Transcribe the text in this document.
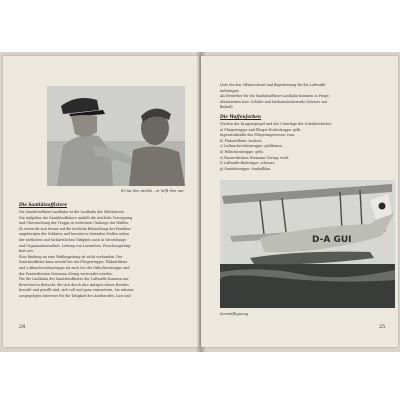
Er tut ihm nichts – er hilft ihm nur
Die Sanitätsoffiziere
Die Sanitätsoffizier-Laufbahn ist die Laufbahn der Militärärzte.
Die Aufgaben der Sanitätsoffiziere umfaßt die ärztliche Versorgung
und Überwachung der Truppe in weitestem Umfange der Waffen.
Es erstreckt sich ferner auf die ärztliche Behandlung des Familien-
angehörigen der Soldaten und bereitet in leitenden Stellen neben
der ärztlichen und fachärztlichen Tätigkeit auch in Verwaltungs-
und Organisationsarbeit, Leitung von Lazaretten, Forschungstätig-
keit usw.
Eine Bindung an eine Waffengattung ist nicht vorhanden. Der
Sanitätsoffizier kann sowohl bei der Fliegertruppe, Flakartillerie
und Luftnachrichtentruppe als auch bei der Fallschirmtruppe und
der Panzerdivision Hermann Göring verwendet werden.
Für die Laufbahn des Sanitätsoffiziers der Luftwaffe kommen nur
Bewerber in Betracht, die sich durch ihre Anlagen dieses Berufes
bewußt und gewillt sind, sich voll und ganz einzusetzen. Sie müssen
ausgeprägtes Interesse für die Tätigkeit des Arztberufes, Lust und
24
Liste für den Offiziersberuf und Begeisterung für die Luftwaffe
mitbringen.
Als Bewerber für die Sanitätsoffizier-Laufbahn kommen in Frage:
Abiturienten bzw. Schüler und Medizinstudierende (letztere mit
Bedarf).
Die Waffenfarben
(Farben der Kragenspiegel und der Unterlage der Schulterstücke):
a) Fliegertruppe und Flieger-Bodentruppe: gelb,
Ingenieurkräfte des Fliegerungswesen: rosa,
b) Flakartillerie: hochrot,
c) Luftnachrichtentruppe: goldbraun,
d) Fallschirmtruppe: gelb,
e) Panzerdivision Hermann Göring: weiß,
f) Luftwaffe-Bautruppe: schwarz,
g) Sanitätstruppe: dunkelblau.
D-A GUI
Seenotflugzeug
25
